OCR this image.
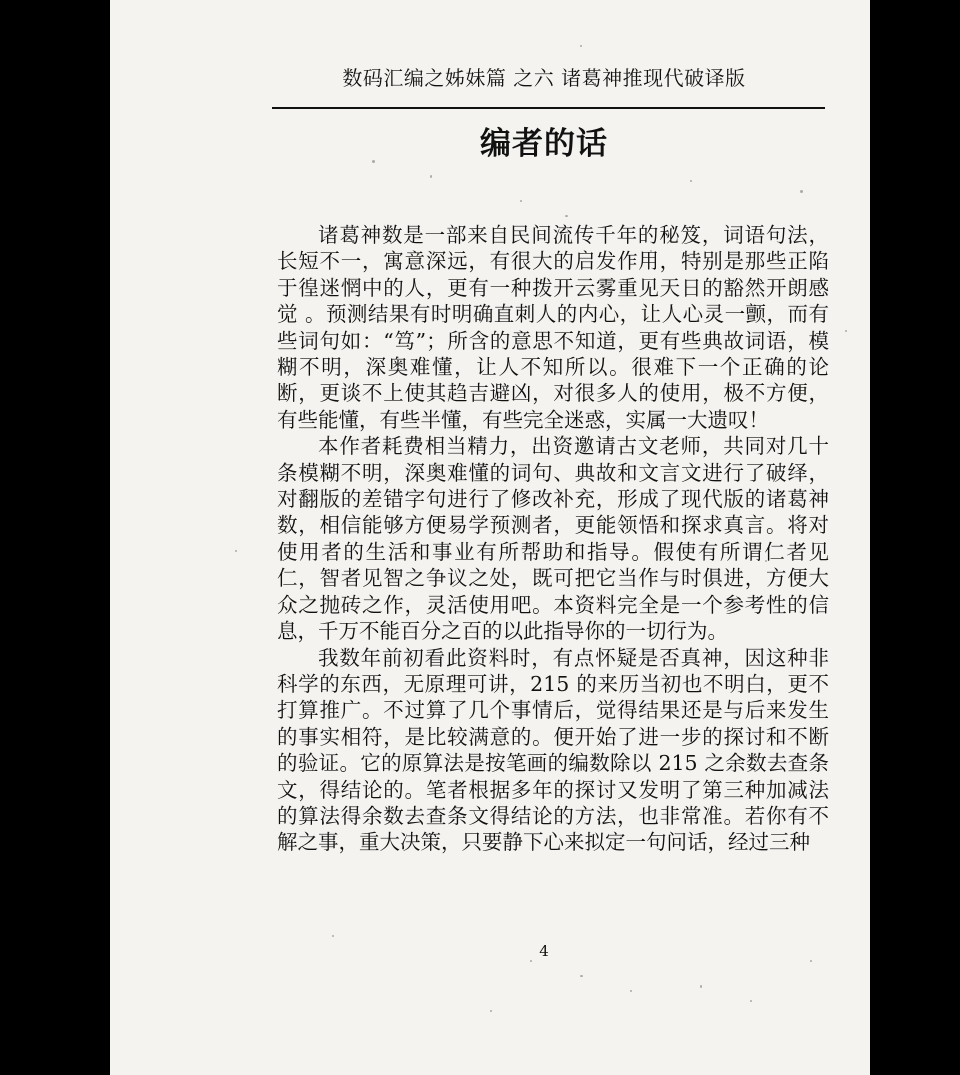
数码汇编之姊妹篇 之六 诸葛神推现代破译版
编者的话

诸葛神数是一部来自民间流传千年的秘笈，词语句法，长短不一，寓意深远，有很大的启发作用，特别是那些正陷于徨迷惘中的人，更有一种拨开云雾重见天日的豁然开朗感觉 。预测结果有时明确直刺人的内心，让人心灵一颤，而有些词句如：“笃”；所含的意思不知道，更有些典故词语，模糊不明，深奥难懂，让人不知所以。很难下一个正确的论断，更谈不上使其趋吉避凶，对很多人的使用，极不方便，有些能懂，有些半懂，有些完全迷惑，实属一大遗叹！

本作者耗费相当精力，出资邀请古文老师，共同对几十条模糊不明，深奥难懂的词句、典故和文言文进行了破绎，对翻版的差错字句进行了修改补充，形成了现代版的诸葛神数，相信能够方便易学预测者，更能领悟和探求真言。将对使用者的生活和事业有所帮助和指导。假使有所谓仁者见仁，智者见智之争议之处，既可把它当作与时俱进，方便大众之抛砖之作，灵活使用吧。本资料完全是一个参考性的信息，千万不能百分之百的以此指导你的一切行为。

我数年前初看此资料时，有点怀疑是否真神，因这种非科学的东西，无原理可讲，215 的来历当初也不明白，更不打算推广。不过算了几个事情后，觉得结果还是与后来发生的事实相符，是比较满意的。便开始了进一步的探讨和不断的验证。它的原算法是按笔画的编数除以 215 之余数去查条文，得结论的。笔者根据多年的探讨又发明了第三种加减法的算法得余数去查条文得结论的方法，也非常准。若你有不解之事，重大决策，只要静下心来拟定一句问话，经过三种

4
